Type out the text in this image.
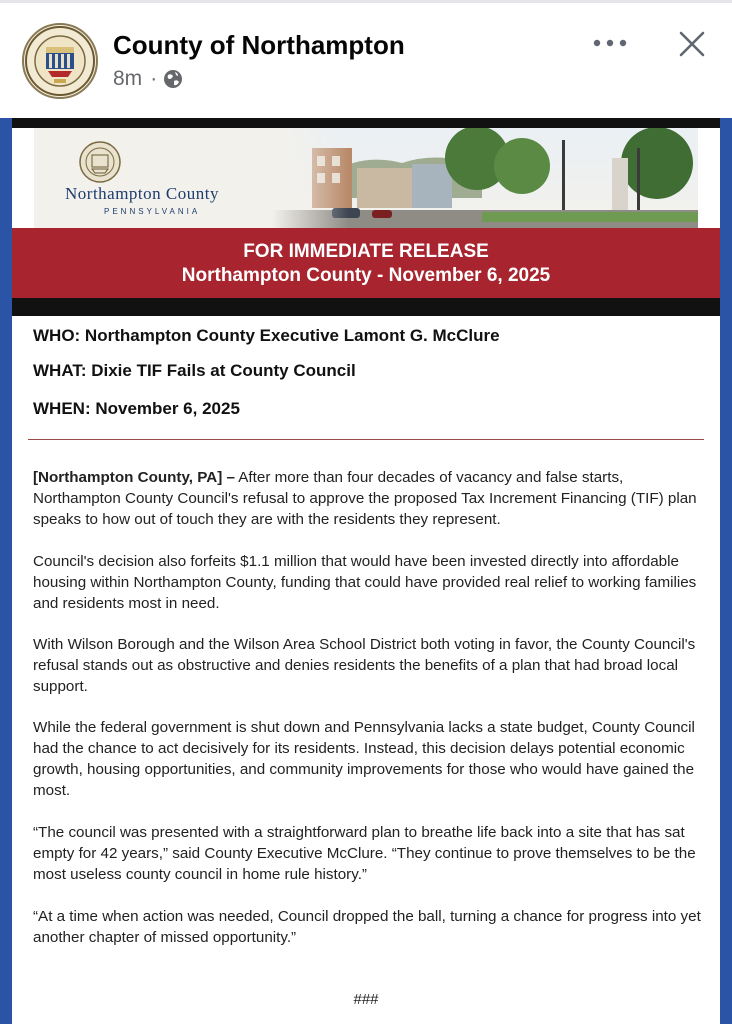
County of Northampton
8m ·
Northampton County
PENNSYLVANIA
FOR IMMEDIATE RELEASE
Northampton County - November 6, 2025
WHO: Northampton County Executive Lamont G. McClure
WHAT: Dixie TIF Fails at County Council
WHEN: November 6, 2025
[Northampton County, PA] – After more than four decades of vacancy and false starts, Northampton County Council's refusal to approve the proposed Tax Increment Financing (TIF) plan speaks to how out of touch they are with the residents they represent.
Council's decision also forfeits $1.1 million that would have been invested directly into affordable housing within Northampton County, funding that could have provided real relief to working families and residents most in need.
With Wilson Borough and the Wilson Area School District both voting in favor, the County Council's refusal stands out as obstructive and denies residents the benefits of a plan that had broad local support.
While the federal government is shut down and Pennsylvania lacks a state budget, County Council had the chance to act decisively for its residents. Instead, this decision delays potential economic growth, housing opportunities, and community improvements for those who would have gained the most.
“The council was presented with a straightforward plan to breathe life back into a site that has sat empty for 42 years,” said County Executive McClure. “They continue to prove themselves to be the most useless county council in home rule history.”
“At a time when action was needed, Council dropped the ball, turning a chance for progress into yet another chapter of missed opportunity.”
###
